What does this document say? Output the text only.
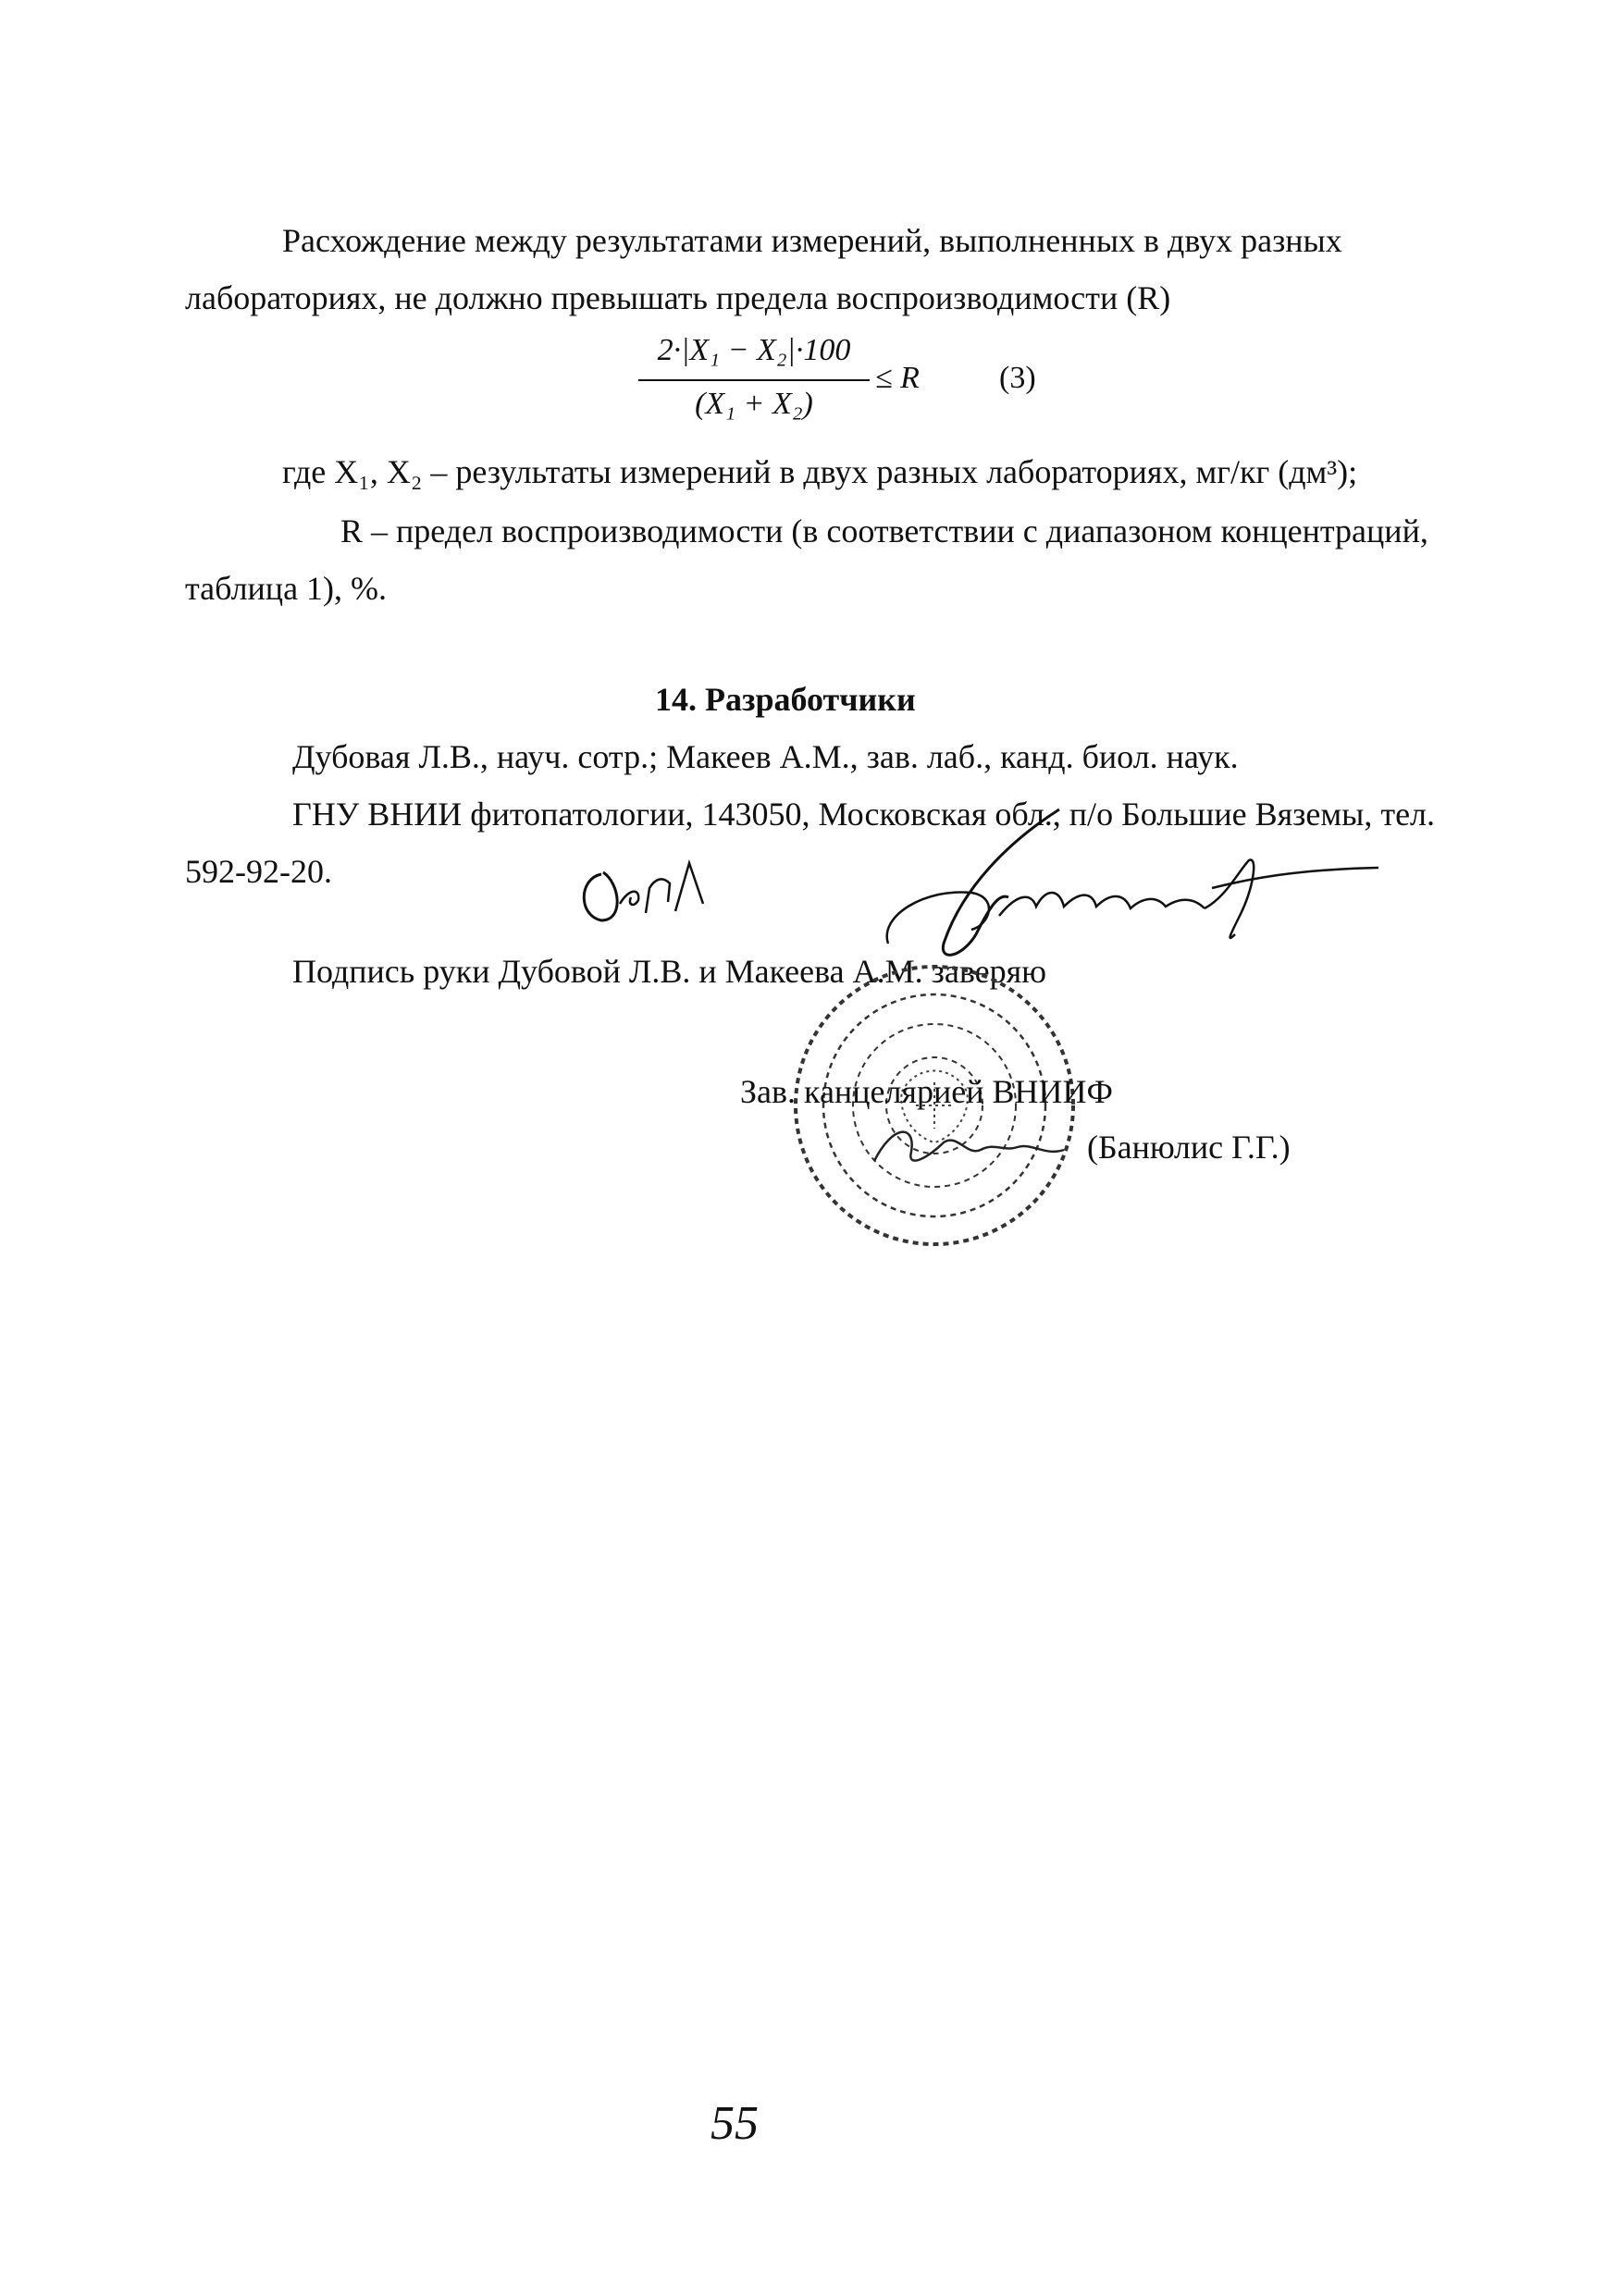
Расхождение между результатами измерений, выполненных в двух разных
лабораториях, не должно превышать предела воспроизводимости (R)
2·|X₁ − X₂|·100
(X₁ + X₂)
≤ R	(3)
где X₁, X₂ – результаты измерений в двух разных лабораториях, мг/кг (дм³);
R – предел воспроизводимости (в соответствии с диапазоном концентраций,
таблица 1), %.
14. Разработчики
Дубовая Л.В., науч. сотр.; Макеев А.М., зав. лаб., канд. биол. наук.
ГНУ ВНИИ фитопатологии, 143050, Московская обл., п/о Большие Вяземы, тел.
592-92-20.
Подпись руки Дубовой Л.В. и Макеева А.М. заверяю
Зав. канцелярией ВНИИФ
(Банюлис Г.Г.)
55
